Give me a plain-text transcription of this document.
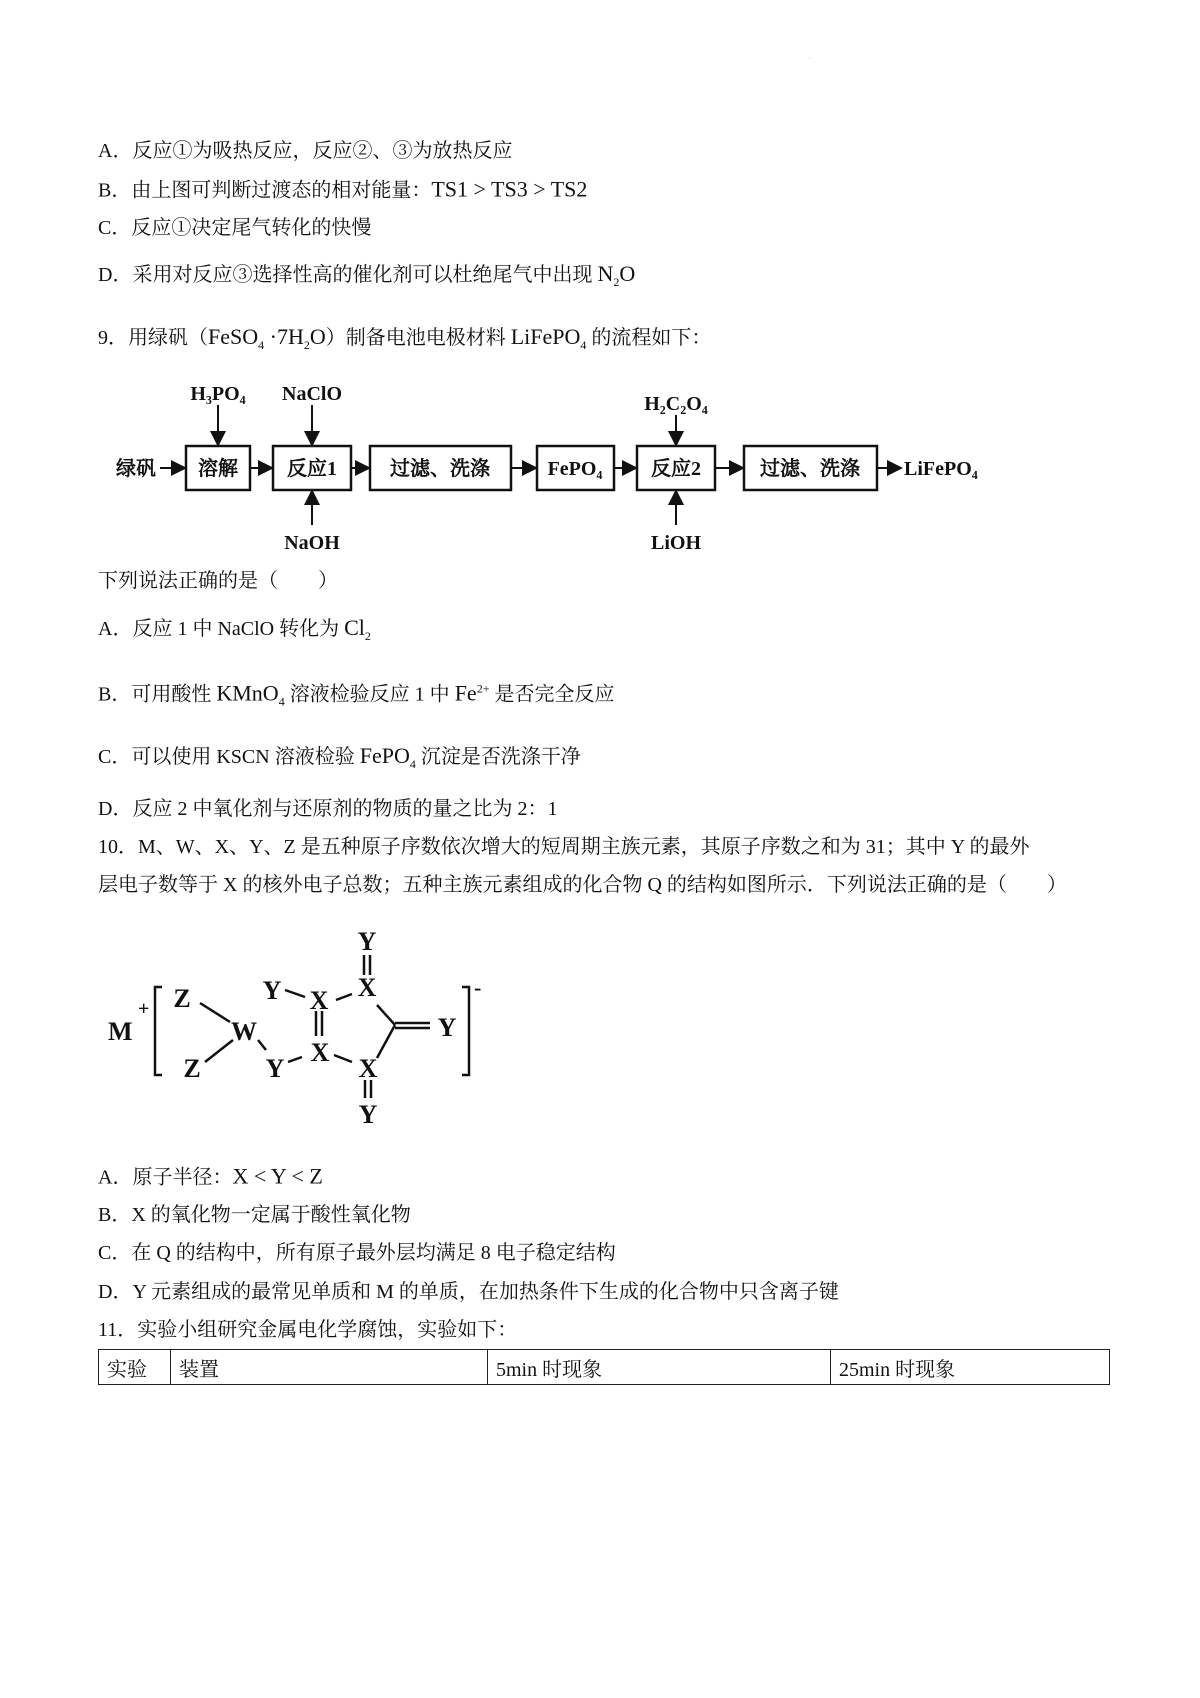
¨
A．反应①为吸热反应，反应②、③为放热反应
B．由上图可判断过渡态的相对能量：TS1 > TS3 > TS2
C．反应①决定尾气转化的快慢
D．采用对反应③选择性高的催化剂可以杜绝尾气中出现 $N_2O$
9．用绿矾（FeSO$_4$ $\cdot 7H_2O$）制备电池电极材料 LiFePO$_4$ 的流程如下：
绿矾 溶解 反应1	过滤、洗涤	FePO₄ 反应2	过滤、洗涤 LiFePO₄
H₃PO₄ NaClO	H₂C₂O₄
NaOH	LiOH
下列说法正确的是（　　）
A．反应 1 中 NaClO 转化为 $Cl_2$
B．可用酸性 KMnO$_4$ 溶液检验反应 1 中 $Fe^{2+}$ 是否完全反应
C．可以使用 KSCN 溶液检验 FePO$_4$ 沉淀是否洗涤干净
D．反应 2 中氧化剂与还原剂的物质的量之比为 2：1
10．M、W、X、Y、Z 是五种原子序数依次增大的短周期主族元素，其原子序数之和为 31；其中 Y 的最外
层电子数等于 X 的核外电子总数；五种主族元素组成的化合物 Q 的结构如图所示．下列说法正确的是（　　）
M
+
-
Z
Z
W
Y X X
Y
X
Y	X
Y
Y
A．原子半径：X < Y < Z
B．X 的氧化物一定属于酸性氧化物
C．在 Q 的结构中，所有原子最外层均满足 8 电子稳定结构
D．Y 元素组成的最常见单质和 M 的单质，在加热条件下生成的化合物中只含离子键
11．实验小组研究金属电化学腐蚀，实验如下：
实验	装置	5min 时现象	25min 时现象
